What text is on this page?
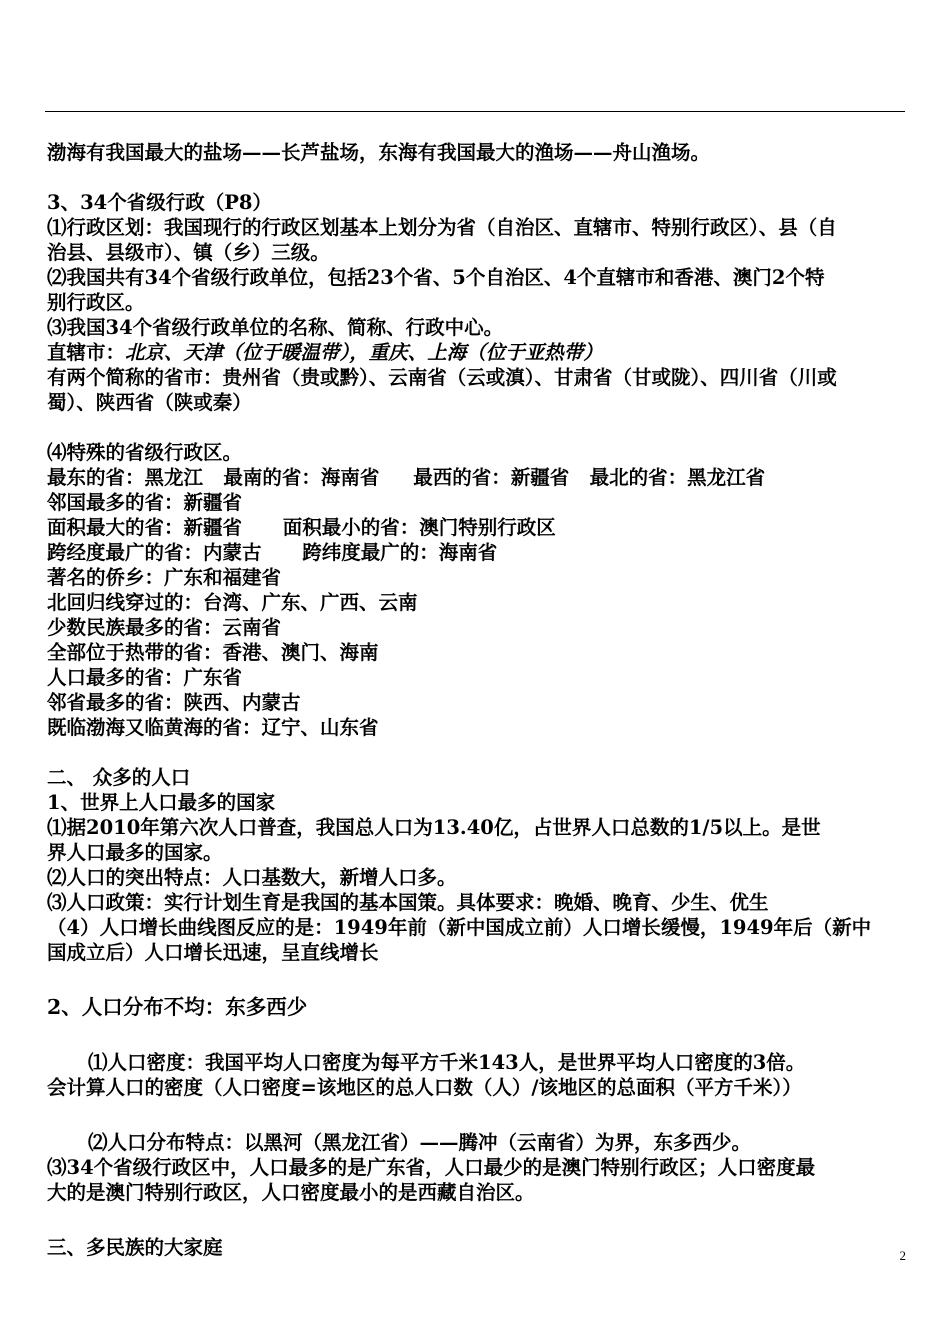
渤海有我国最大的盐场——长芦盐场，东海有我国最大的渔场——舟山渔场。
3、34个省级行政（P8）
⑴行政区划：我国现行的行政区划基本上划分为省（自治区、直辖市、特别行政区）、县（自
治县、县级市）、镇（乡）三级。
⑵我国共有34个省级行政单位，包括23个省、5个自治区、4个直辖市和香港、澳门2个特
别行政区。
⑶我国34个省级行政单位的名称、简称、行政中心。
直辖市：北京、天津（位于暖温带），重庆、上海（位于亚热带）
有两个简称的省市：贵州省（贵或黔）、云南省（云或滇）、甘肃省（甘或陇）、四川省（川或
蜀）、陕西省（陕或秦）
⑷特殊的省级行政区。
最东的省：黑龙江   最南的省：海南省     最西的省：新疆省   最北的省：黑龙江省
邻国最多的省：新疆省
面积最大的省：新疆省      面积最小的省：澳门特别行政区
跨经度最广的省：内蒙古      跨纬度最广的：海南省
著名的侨乡：广东和福建省
北回归线穿过的：台湾、广东、广西、云南
少数民族最多的省：云南省
全部位于热带的省：香港、澳门、海南
人口最多的省：广东省
邻省最多的省：陕西、内蒙古
既临渤海又临黄海的省：辽宁、山东省
二、 众多的人口
1、世界上人口最多的国家
⑴据2010年第六次人口普查，我国总人口为13.40亿，占世界人口总数的1/5以上。是世
界人口最多的国家。
⑵人口的突出特点：人口基数大，新增人口多。
⑶人口政策：实行计划生育是我国的基本国策。具体要求：晚婚、晚育、少生、优生
（4）人口增长曲线图反应的是：1949年前（新中国成立前）人口增长缓慢，1949年后（新中
国成立后）人口增长迅速，呈直线增长
2、人口分布不均：东多西少
⑴人口密度：我国平均人口密度为每平方千米143人，是世界平均人口密度的3倍。
会计算人口的密度（人口密度=该地区的总人口数（人）/该地区的总面积（平方千米））
⑵人口分布特点：以黑河（黑龙江省）——腾冲（云南省）为界，东多西少。
⑶34个省级行政区中，人口最多的是广东省，人口最少的是澳门特别行政区；人口密度最
大的是澳门特别行政区，人口密度最小的是西藏自治区。
三、多民族的大家庭	2
